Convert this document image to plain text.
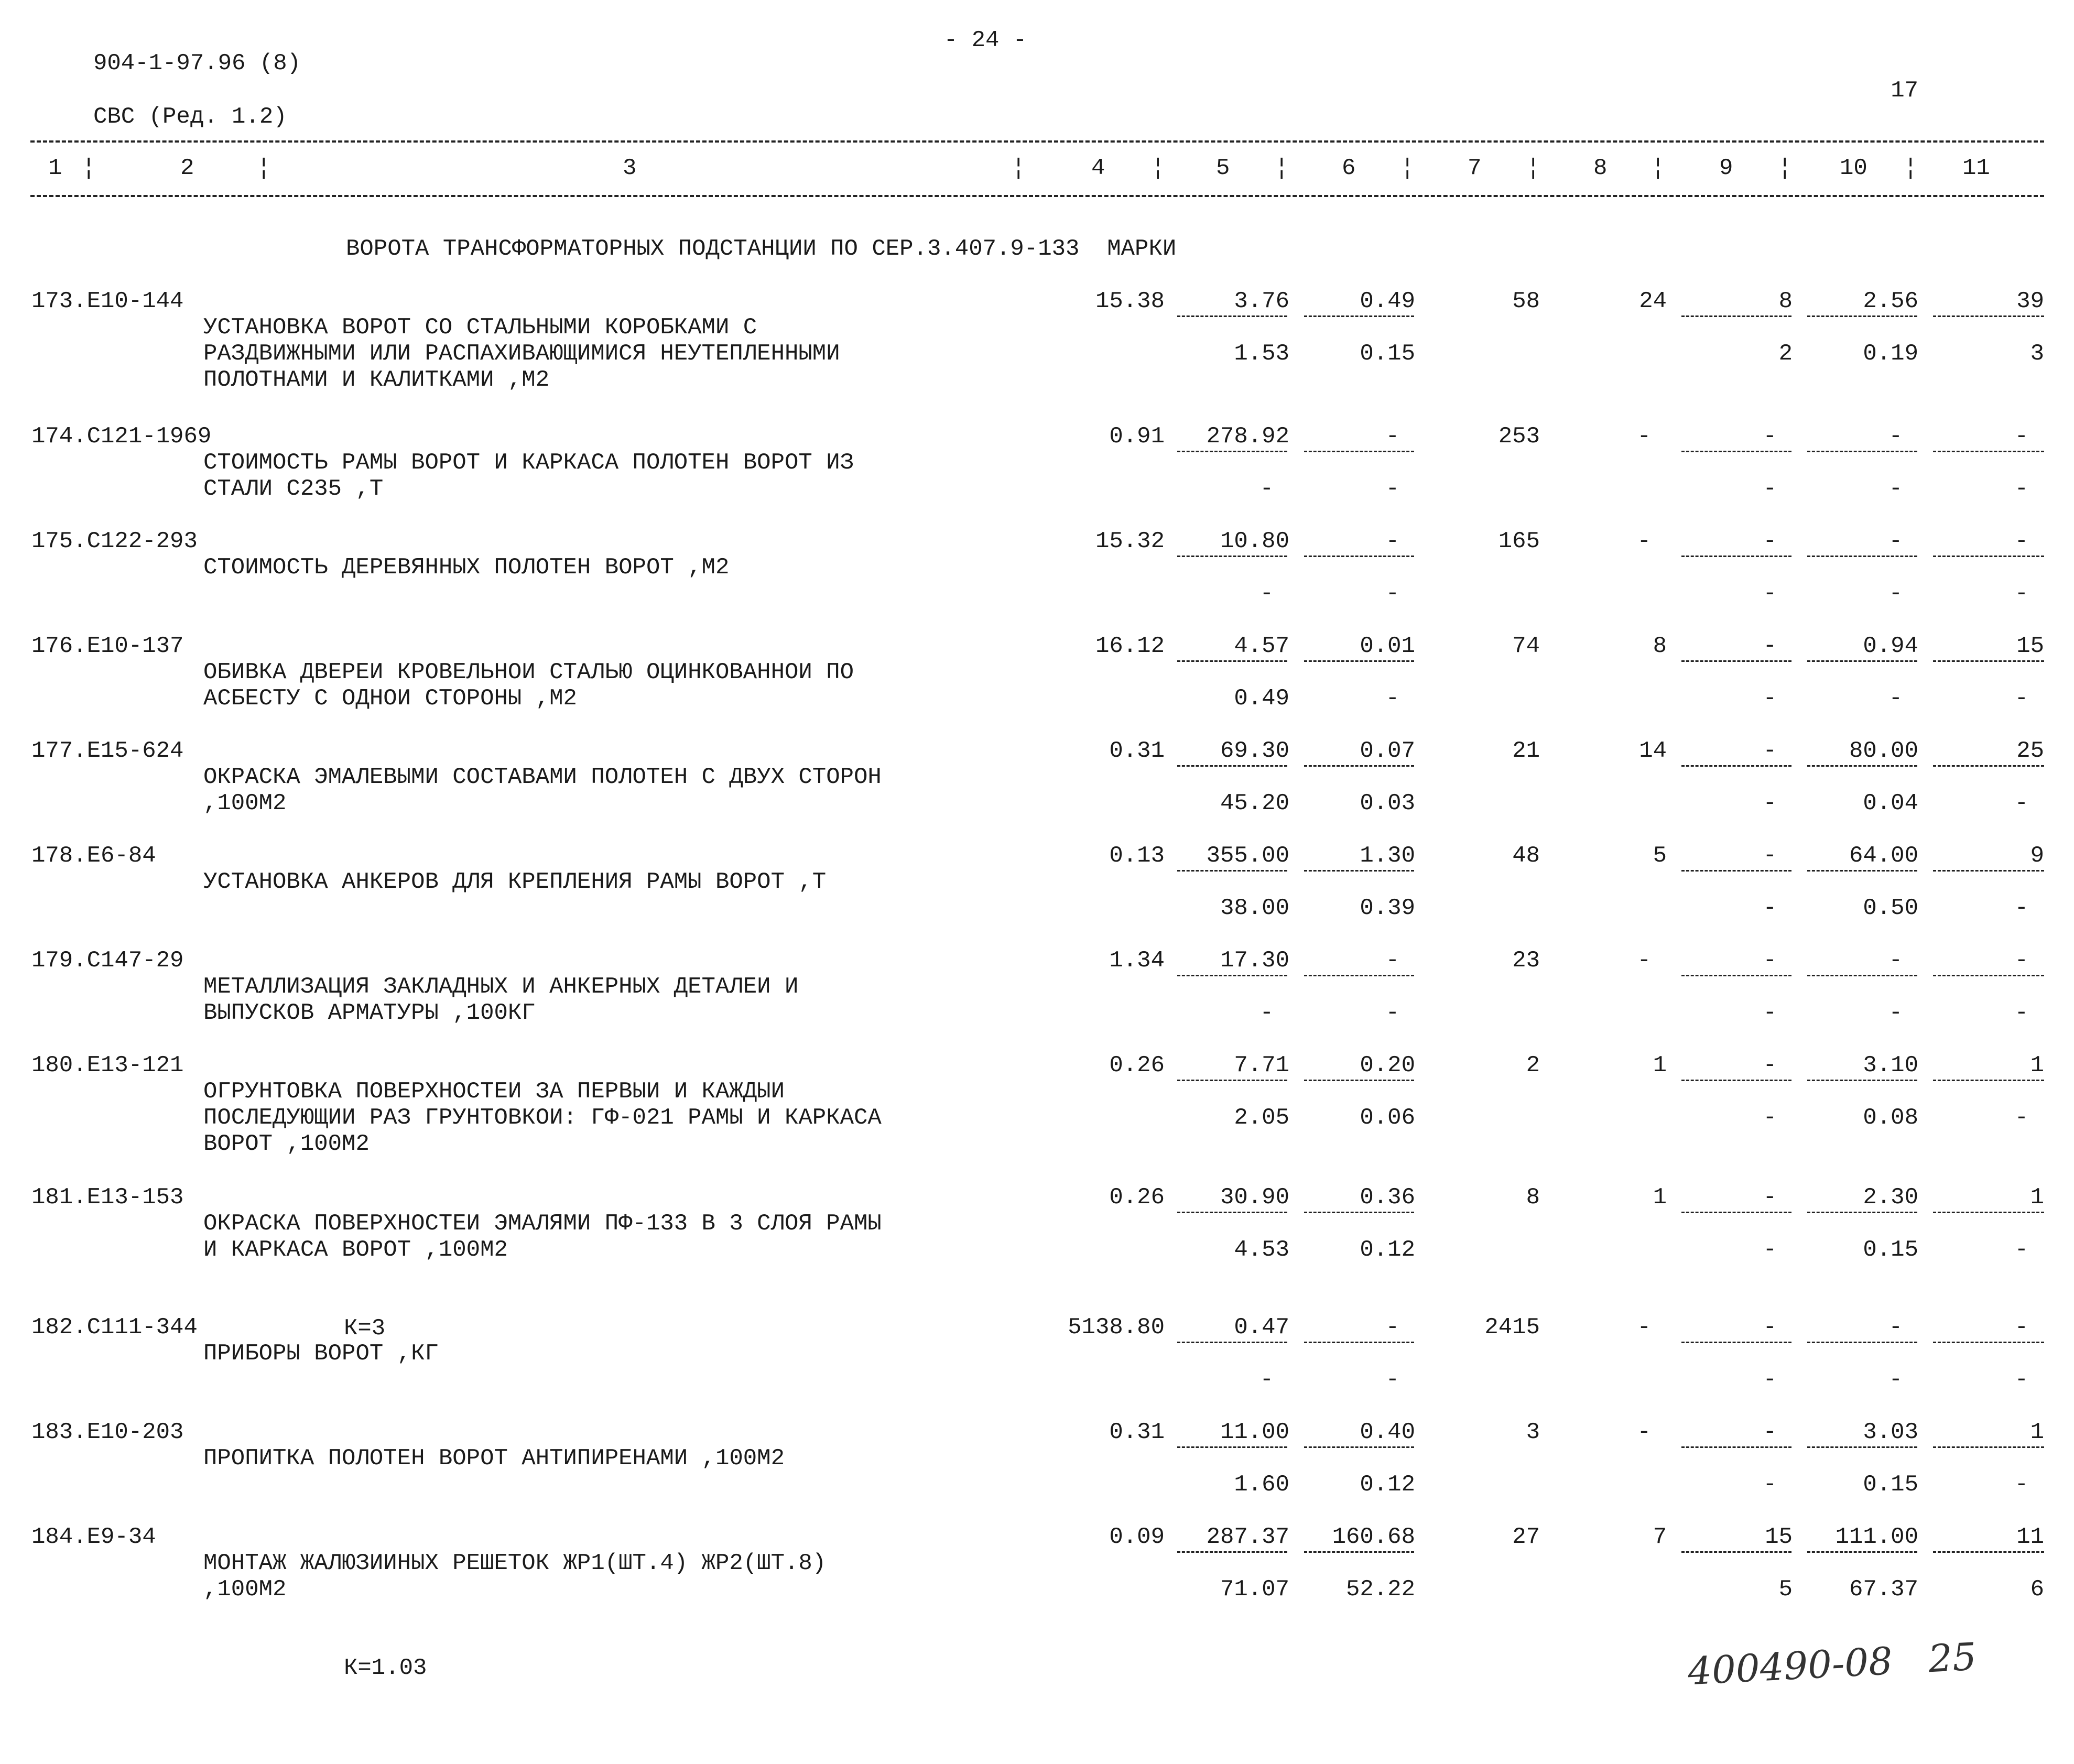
904-1-97.96 (8)
СВС (Ред. 1.2)
- 24 -
17
1	2	3	4	5	6	7	8	9	10	11
¦	¦	¦	¦	¦	¦	¦	¦	¦	¦
ВОРОТА ТРАНСФОРМАТОРНЫХ ПОДСТАНЦИИ ПО СЕР.3.407.9-133  МАРКИ
173.Е10-144
УСТАНОВКА ВОРОТ СО СТАЛЬНЫМИ КОРОБКАМИ С
РАЗДВИЖНЫМИ ИЛИ РАСПАХИВАЮЩИМИСЯ НЕУТЕПЛЕННЫМИ
ПОЛОТНАМИ И КАЛИТКАМИ ,М2
15.38	3.76	0.49	58	24	8	2.56	39
1.53	0.15	2	0.19	3
174.С121-1969
СТОИМОСТЬ РАМЫ ВОРОТ И КАРКАСА ПОЛОТЕН ВОРОТ ИЗ
СТАЛИ С235 ,Т
0.91	278.92	-	253	-	-	-	-
-	-	-	-	-
175.С122-293
СТОИМОСТЬ ДЕРЕВЯННЫХ ПОЛОТЕН ВОРОТ ,М2
15.32	10.80	-	165	-	-	-	-
-	-	-	-	-
176.Е10-137
ОБИВКА ДВЕРЕИ КРОВЕЛЬНОИ СТАЛЬЮ ОЦИНКОВАННОИ ПО
АСБЕСТУ С ОДНОИ СТОРОНЫ ,М2
16.12	4.57	0.01	74	8	-	0.94	15
0.49	-	-	-	-
177.Е15-624
ОКРАСКА ЭМАЛЕВЫМИ СОСТАВАМИ ПОЛОТЕН С ДВУХ СТОРОН
,100М2
0.31	69.30	0.07	21	14	-	80.00	25
45.20	0.03	-	0.04	-
178.Е6-84
УСТАНОВКА АНКЕРОВ ДЛЯ КРЕПЛЕНИЯ РАМЫ ВОРОТ ,Т
0.13	355.00	1.30	48	5	-	64.00	9
38.00	0.39	-	0.50	-
179.С147-29
МЕТАЛЛИЗАЦИЯ ЗАКЛАДНЫХ И АНКЕРНЫХ ДЕТАЛЕИ И
ВЫПУСКОВ АРМАТУРЫ ,100КГ
1.34	17.30	-	23	-	-	-	-
-	-	-	-	-
180.Е13-121
ОГРУНТОВКА ПОВЕРХНОСТЕИ ЗА ПЕРВЫИ И КАЖДЫИ
ПОСЛЕДУЮЩИИ РАЗ ГРУНТОВКОИ: ГФ-021 РАМЫ И КАРКАСА
ВОРОТ ,100М2
0.26	7.71	0.20	2	1	-	3.10	1
2.05	0.06	-	0.08	-
181.Е13-153
ОКРАСКА ПОВЕРХНОСТЕИ ЭМАЛЯМИ ПФ-133 В 3 СЛОЯ РАМЫ
И КАРКАСА ВОРОТ ,100М2
0.26	30.90	0.36	8	1	-	2.30	1
4.53	0.12	-	0.15	-
К=3
182.С111-344
ПРИБОРЫ ВОРОТ ,КГ
5138.80	0.47	-	2415	-	-	-	-
-	-	-	-	-
183.Е10-203
ПРОПИТКА ПОЛОТЕН ВОРОТ АНТИПИРЕНАМИ ,100М2
0.31	11.00	0.40	3	-	-	3.03	1
1.60	0.12	-	0.15	-
184.Е9-34
МОНТАЖ ЖАЛЮЗИИНЫХ РЕШЕТОК ЖР1(ШТ.4) ЖР2(ШТ.8)
,100М2
0.09	287.37	160.68	27	7	15	111.00	11
71.07	52.22	5	67.37	6
К=1.03	400490-08   25
